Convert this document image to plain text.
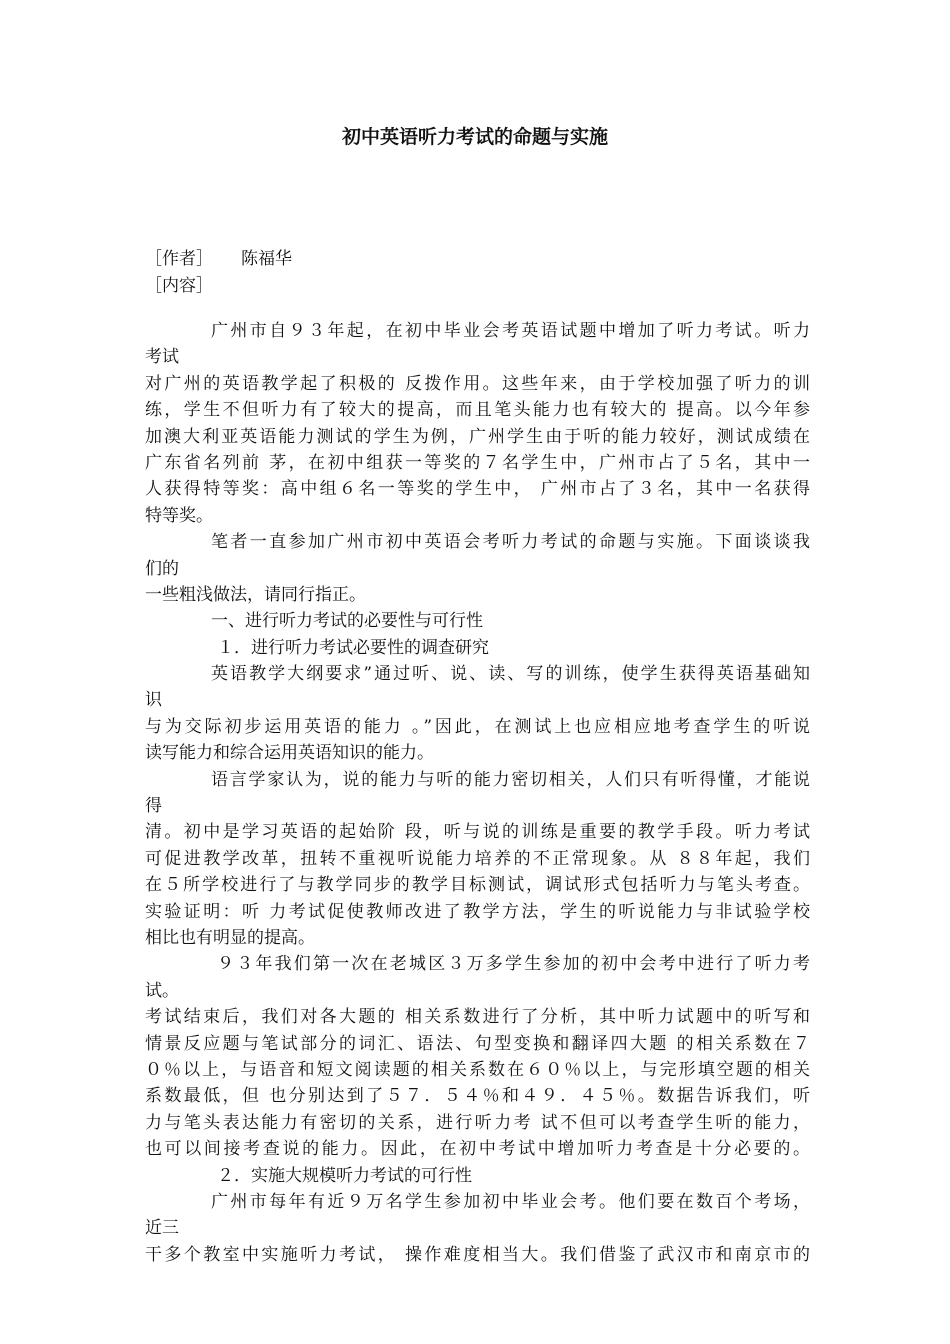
初中英语听力考试的命题与实施
［作者］ 陈福华
［内容］
广州市自９３年起，在初中毕业会考英语试题中增加了听力考试。听力
考试
对广州的英语教学起了积极的 反拨作用。这些年来，由于学校加强了听力的训
练，学生不但听力有了较大的提高，而且笔头能力也有较大的 提高。以今年参
加澳大利亚英语能力测试的学生为例，广州学生由于听的能力较好，测试成绩在
广东省名列前 茅，在初中组获一等奖的７名学生中，广州市占了５名，其中一
人获得特等奖：高中组６名一等奖的学生中， 广州市占了３名，其中一名获得
特等奖。
笔者一直参加广州市初中英语会考听力考试的命题与实施。下面谈谈我
们的
一些粗浅做法，请同行指正。
一、进行听力考试的必要性与可行性
１．进行听力考试必要性的调查研究
英语教学大纲要求”通过听、说、读、写的训练，使学生获得英语基础知
识
与为交际初步运用英语的能力 。”因此，在测试上也应相应地考查学生的听说
读写能力和综合运用英语知识的能力。
语言学家认为，说的能力与听的能力密切相关，人们只有听得懂，才能说
得
清。初中是学习英语的起始阶 段，听与说的训练是重要的教学手段。听力考试
可促进教学改革，扭转不重视听说能力培养的不正常现象。从 ８８年起，我们
在５所学校进行了与教学同步的教学目标测试，调试形式包括听力与笔头考查。
实验证明：听 力考试促使教师改进了教学方法，学生的听说能力与非试验学校
相比也有明显的提高。
９３年我们第一次在老城区３万多学生参加的初中会考中进行了听力考
试。
考试结束后，我们对各大题的 相关系数进行了分析，其中听力试题中的听写和
情景反应题与笔试部分的词汇、语法、句型变换和翻译四大题 的相关系数在７
０％以上，与语音和短文阅读题的相关系数在６０％以上，与完形填空题的相关
系数最低，但 也分别达到了５７．５４％和４９．４５％。数据告诉我们，听
力与笔头表达能力有密切的关系，进行听力考 试不但可以考查学生听的能力，
也可以间接考查说的能力。因此，在初中考试中增加听力考查是十分必要的。
２．实施大规模听力考试的可行性
广州市每年有近９万名学生参加初中毕业会考。他们要在数百个考场，
近三
干多个教室中实施听力考试， 操作难度相当大。我们借鉴了武汉市和南京市的
